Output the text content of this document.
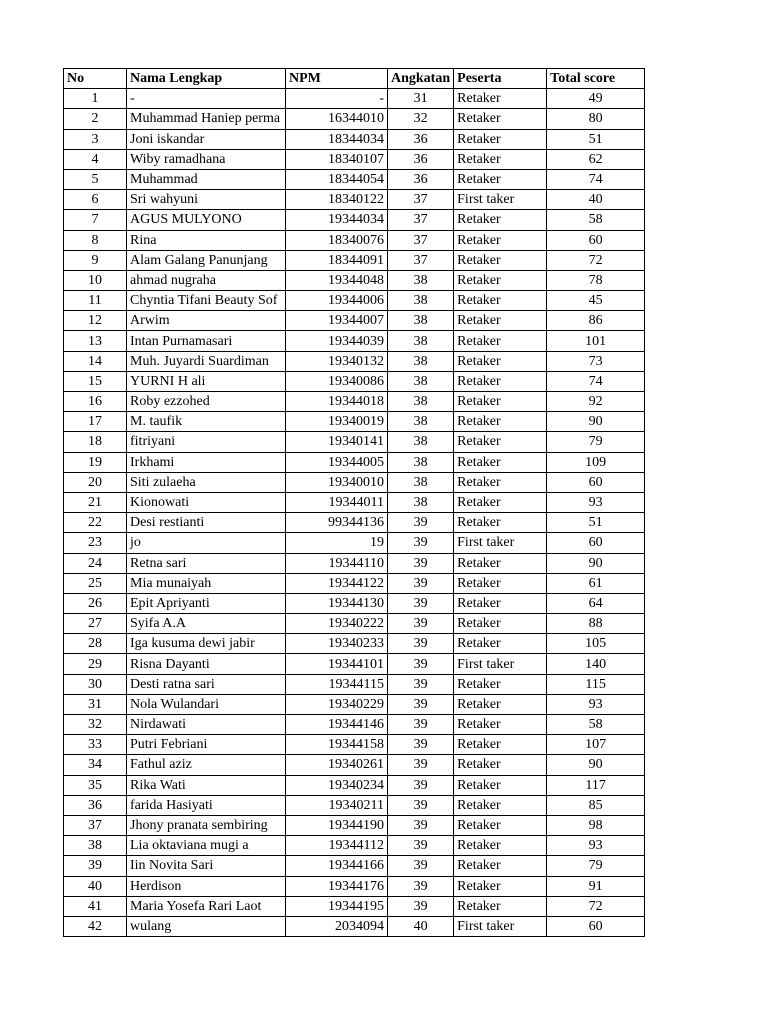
No	Nama Lengkap	NPM	Angkatan	Peserta	Total score
1	-	-	31	Retaker	49
2	Muhammad Haniep perma	16344010	32	Retaker	80
3	Joni iskandar	18344034	36	Retaker	51
4	Wiby ramadhana	18340107	36	Retaker	62
5	Muhammad	18344054	36	Retaker	74
6	Sri wahyuni	18340122	37	First taker	40
7	AGUS MULYONO	19344034	37	Retaker	58
8	Rina	18340076	37	Retaker	60
9	Alam Galang Panunjang	18344091	37	Retaker	72
10	ahmad nugraha	19344048	38	Retaker	78
11	Chyntia Tifani Beauty Sof	19344006	38	Retaker	45
12	Arwim	19344007	38	Retaker	86
13	Intan Purnamasari	19344039	38	Retaker	101
14	Muh. Juyardi Suardiman	19340132	38	Retaker	73
15	YURNI H ali	19340086	38	Retaker	74
16	Roby ezzohed	19344018	38	Retaker	92
17	M. taufik	19340019	38	Retaker	90
18	fitriyani	19340141	38	Retaker	79
19	Irkhami	19344005	38	Retaker	109
20	Siti zulaeha	19340010	38	Retaker	60
21	Kionowati	19344011	38	Retaker	93
22	Desi restianti	99344136	39	Retaker	51
23	jo	19	39	First taker	60
24	Retna sari	19344110	39	Retaker	90
25	Mia munaiyah	19344122	39	Retaker	61
26	Epit Apriyanti	19344130	39	Retaker	64
27	Syifa A.A	19340222	39	Retaker	88
28	Iga kusuma dewi jabir	19340233	39	Retaker	105
29	Risna Dayanti	19344101	39	First taker	140
30	Desti ratna sari	19344115	39	Retaker	115
31	Nola Wulandari	19340229	39	Retaker	93
32	Nirdawati	19344146	39	Retaker	58
33	Putri Febriani	19344158	39	Retaker	107
34	Fathul aziz	19340261	39	Retaker	90
35	Rika Wati	19340234	39	Retaker	117
36	farida Hasiyati	19340211	39	Retaker	85
37	Jhony pranata sembiring	19344190	39	Retaker	98
38	Lia oktaviana mugi a	19344112	39	Retaker	93
39	Iin Novita Sari	19344166	39	Retaker	79
40	Herdison	19344176	39	Retaker	91
41	Maria Yosefa Rari Laot	19344195	39	Retaker	72
42	wulang	2034094	40	First taker	60
